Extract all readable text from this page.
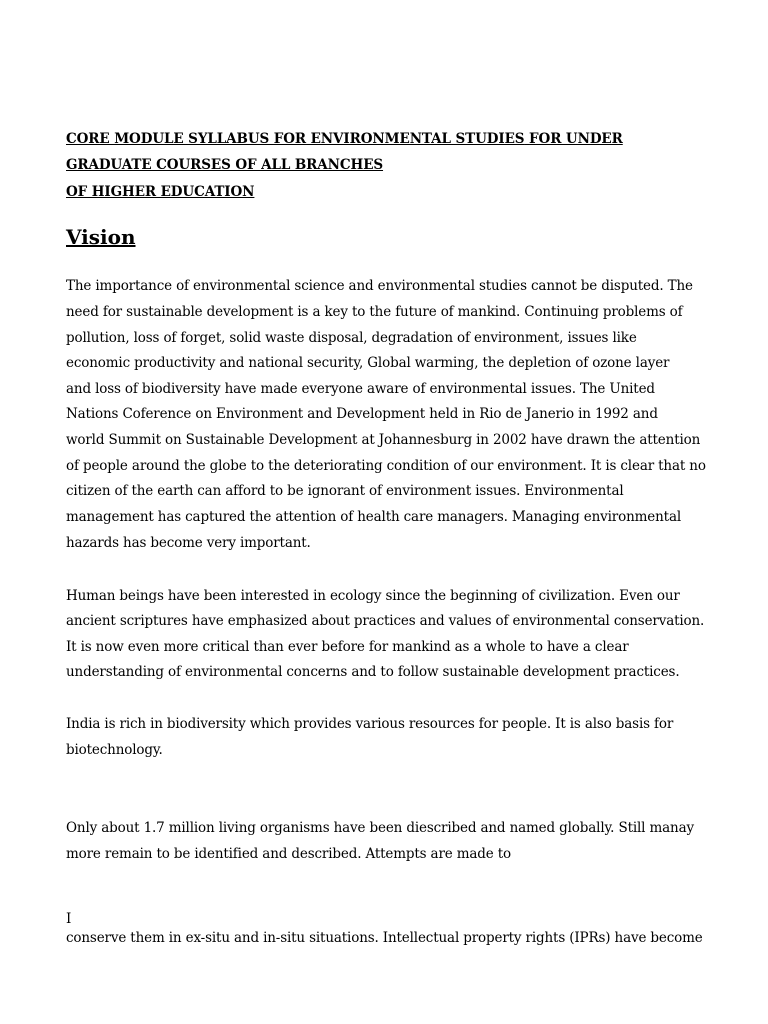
CORE MODULE SYLLABUS FOR ENVIRONMENTAL STUDIES FOR UNDER
GRADUATE COURSES OF ALL BRANCHES
OF HIGHER EDUCATION
Vision
The importance of environmental science and environmental studies cannot be disputed. The
need for sustainable development is a key to the future of mankind. Continuing problems of
pollution, loss of forget, solid waste disposal, degradation of environment, issues like
economic productivity and national security, Global warming, the depletion of ozone layer
and loss of biodiversity have made everyone aware of environmental issues. The United
Nations Coference on Environment and Development held in Rio de Janerio in 1992 and
world Summit on Sustainable Development at Johannesburg in 2002 have drawn the attention
of people around the globe to the deteriorating condition of our environment. It is clear that no
citizen of the earth can afford to be ignorant of environment issues. Environmental
management has captured the attention of health care managers. Managing environmental
hazards has become very important.
Human beings have been interested in ecology since the beginning of civilization. Even our
ancient scriptures have emphasized about practices and values of environmental conservation.
It is now even more critical than ever before for mankind as a whole to have a clear
understanding of environmental concerns and to follow sustainable development practices.
India is rich in biodiversity which provides various resources for people. It is also basis for
biotechnology.
Only about 1.7 million living organisms have been diescribed and named globally. Still manay
more remain to be identified and described. Attempts are made to
I
conserve them in ex-situ and in-situ situations. Intellectual property rights (IPRs) have become
